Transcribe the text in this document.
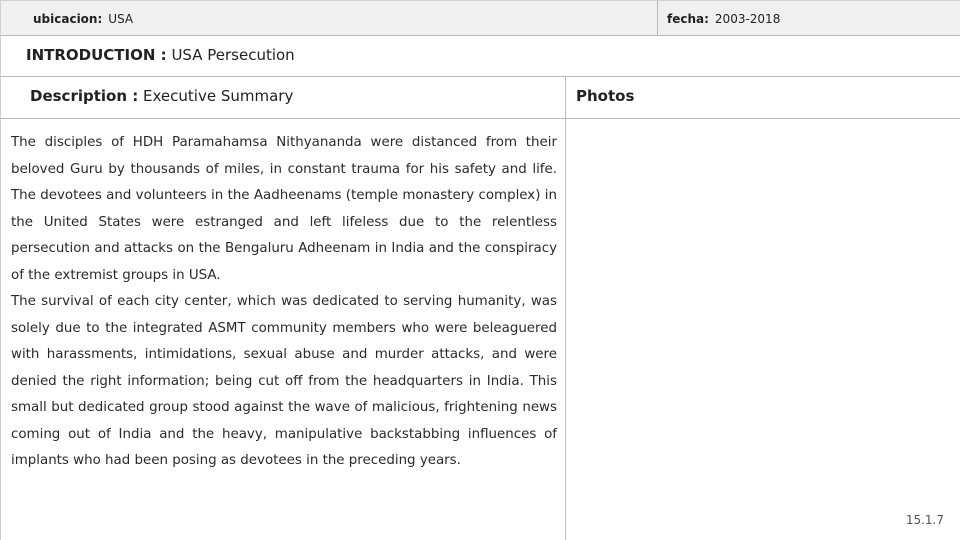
ubicacion: USA	fecha: 2003-2018
INTRODUCTION : USA Persecution
Description : Executive Summary	Photos

The disciples of HDH Paramahamsa Nithyananda were distanced from their beloved Guru by thousands of miles, in constant trauma for his safety and life. The devotees and volunteers in the Aadheenams (temple monastery complex) in the United States were estranged and left lifeless due to the relentless persecution and attacks on the Bengaluru Adheenam in India and the conspiracy of the extremist groups in USA.

The survival of each city center, which was dedicated to serving humanity, was solely due to the integrated ASMT community members who were beleaguered with harassments, intimidations, sexual abuse and murder attacks, and were denied the right information; being cut off from the headquarters in India. This small but dedicated group stood against the wave of malicious, frightening news coming out of India and the heavy, manipulative backstabbing influences of implants who had been posing as devotees in the preceding years.

15.1.7
